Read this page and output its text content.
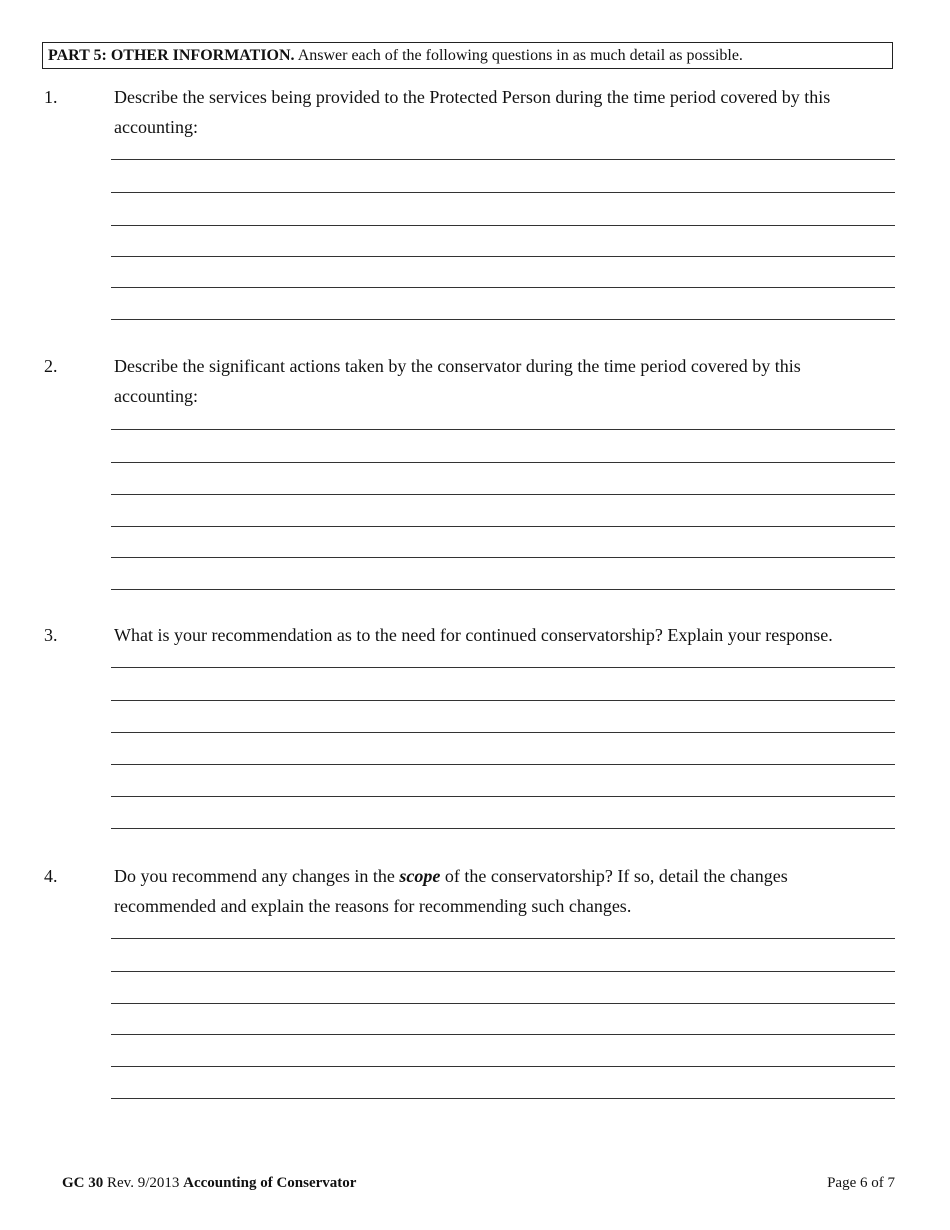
PART 5: OTHER INFORMATION. Answer each of the following questions in as much detail as possible.
1.	Describe the services being provided to the Protected Person during the time period covered by this accounting:
2.	Describe the significant actions taken by the conservator during the time period covered by this accounting:
3.	What is your recommendation as to the need for continued conservatorship? Explain your response.
4.	Do you recommend any changes in the scope of the conservatorship? If so, detail the changes recommended and explain the reasons for recommending such changes.
GC 30 Rev. 9/2013 Accounting of Conservator	Page 6 of 7
